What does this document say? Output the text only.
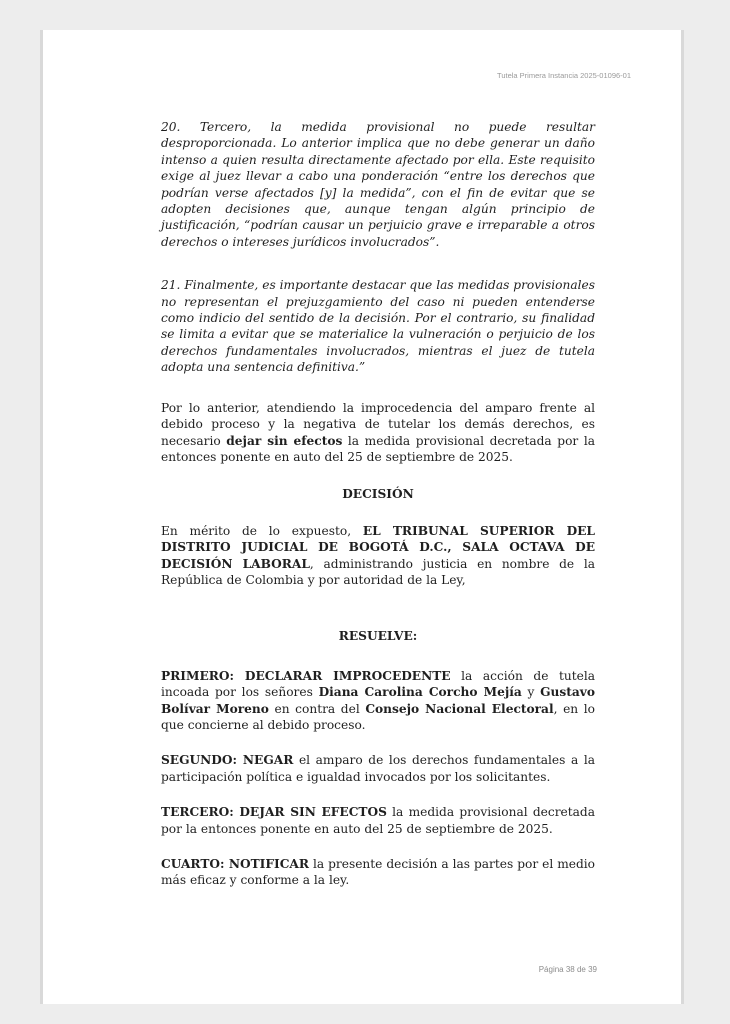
Tutela Primera Instancia 2025-01096-01

20. Tercero, la medida provisional no puede resultar desproporcionada. Lo anterior implica que no debe generar un daño intenso a quien resulta directamente afectado por ella. Este requisito exige al juez llevar a cabo una ponderación “entre los derechos que podrían verse afectados [y] la medida”, con el fin de evitar que se adopten decisiones que, aunque tengan algún principio de justificación, “podrían causar un perjuicio grave e irreparable a otros derechos o intereses jurídicos involucrados”.

21. Finalmente, es importante destacar que las medidas provisionales no representan el prejuzgamiento del caso ni pueden entenderse como indicio del sentido de la decisión. Por el contrario, su finalidad se limita a evitar que se materialice la vulneración o perjuicio de los derechos fundamentales involucrados, mientras el juez de tutela adopta una sentencia definitiva.”

Por lo anterior, atendiendo la improcedencia del amparo frente al debido proceso y la negativa de tutelar los demás derechos, es necesario dejar sin efectos la medida provisional decretada por la entonces ponente en auto del 25 de septiembre de 2025.

DECISIÓN

En mérito de lo expuesto, EL TRIBUNAL SUPERIOR DEL DISTRITO JUDICIAL DE BOGOTÁ D.C., SALA OCTAVA DE DECISIÓN LABORAL, administrando justicia en nombre de la República de Colombia y por autoridad de la Ley,

RESUELVE:

PRIMERO: DECLARAR IMPROCEDENTE la acción de tutela incoada por los señores Diana Carolina Corcho Mejía y Gustavo Bolívar Moreno en contra del Consejo Nacional Electoral, en lo que concierne al debido proceso.

SEGUNDO: NEGAR el amparo de los derechos fundamentales a la participación política e igualdad invocados por los solicitantes.

TERCERO: DEJAR SIN EFECTOS la medida provisional decretada por la entonces ponente en auto del 25 de septiembre de 2025.

CUARTO: NOTIFICAR la presente decisión a las partes por el medio más eficaz y conforme a la ley.

Página 38 de 39
